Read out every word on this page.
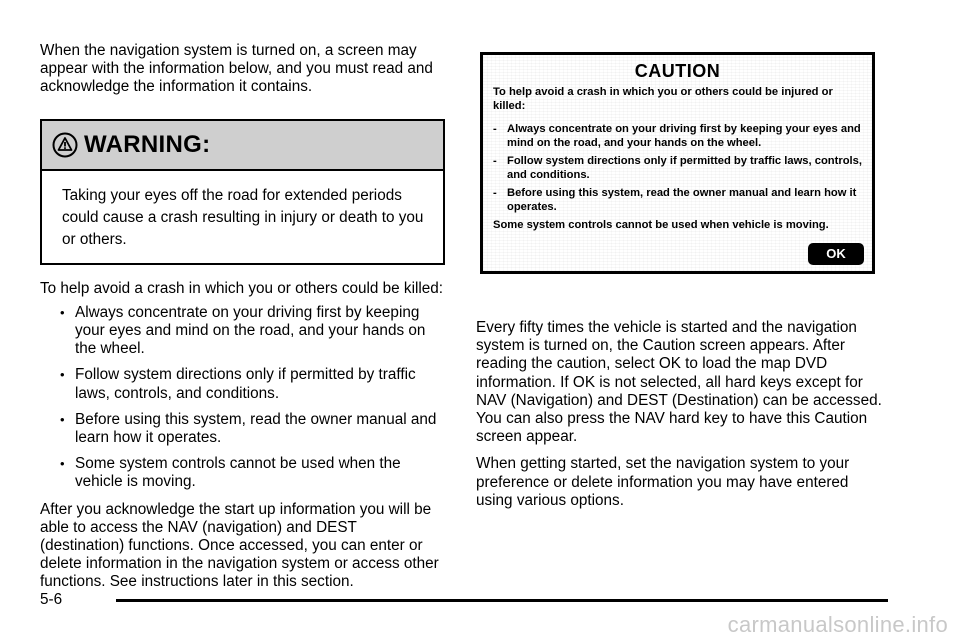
When the navigation system is turned on, a screen may appear with the information below, and you must read and acknowledge the information it contains.

WARNING:
Taking your eyes off the road for extended periods could cause a crash resulting in injury or death to you or others.

To help avoid a crash in which you or others could be killed:

• Always concentrate on your driving first by keeping your eyes and mind on the road, and your hands on the wheel.
• Follow system directions only if permitted by traffic laws, controls, and conditions.
• Before using this system, read the owner manual and learn how it operates.
• Some system controls cannot be used when the vehicle is moving.

After you acknowledge the start up information you will be able to access the NAV (navigation) and DEST (destination) functions. Once accessed, you can enter or delete information in the navigation system or access other functions. See instructions later in this section.

CAUTION

To help avoid a crash in which you or others could be injured or killed:

- Always concentrate on your driving first by keeping your eyes and mind on the road, and your hands on the wheel.
- Follow system directions only if permitted by traffic laws, controls, and conditions.
- Before using this system, read the owner manual and learn how it operates.

Some system controls cannot be used when vehicle is moving.

OK

Every fifty times the vehicle is started and the navigation system is turned on, the Caution screen appears. After reading the caution, select OK to load the map DVD information. If OK is not selected, all hard keys except for NAV (Navigation) and DEST (Destination) can be accessed. You can also press the NAV hard key to have this Caution screen appear.

When getting started, set the navigation system to your preference or delete information you may have entered using various options.

5-6
carmanualsonline.info
